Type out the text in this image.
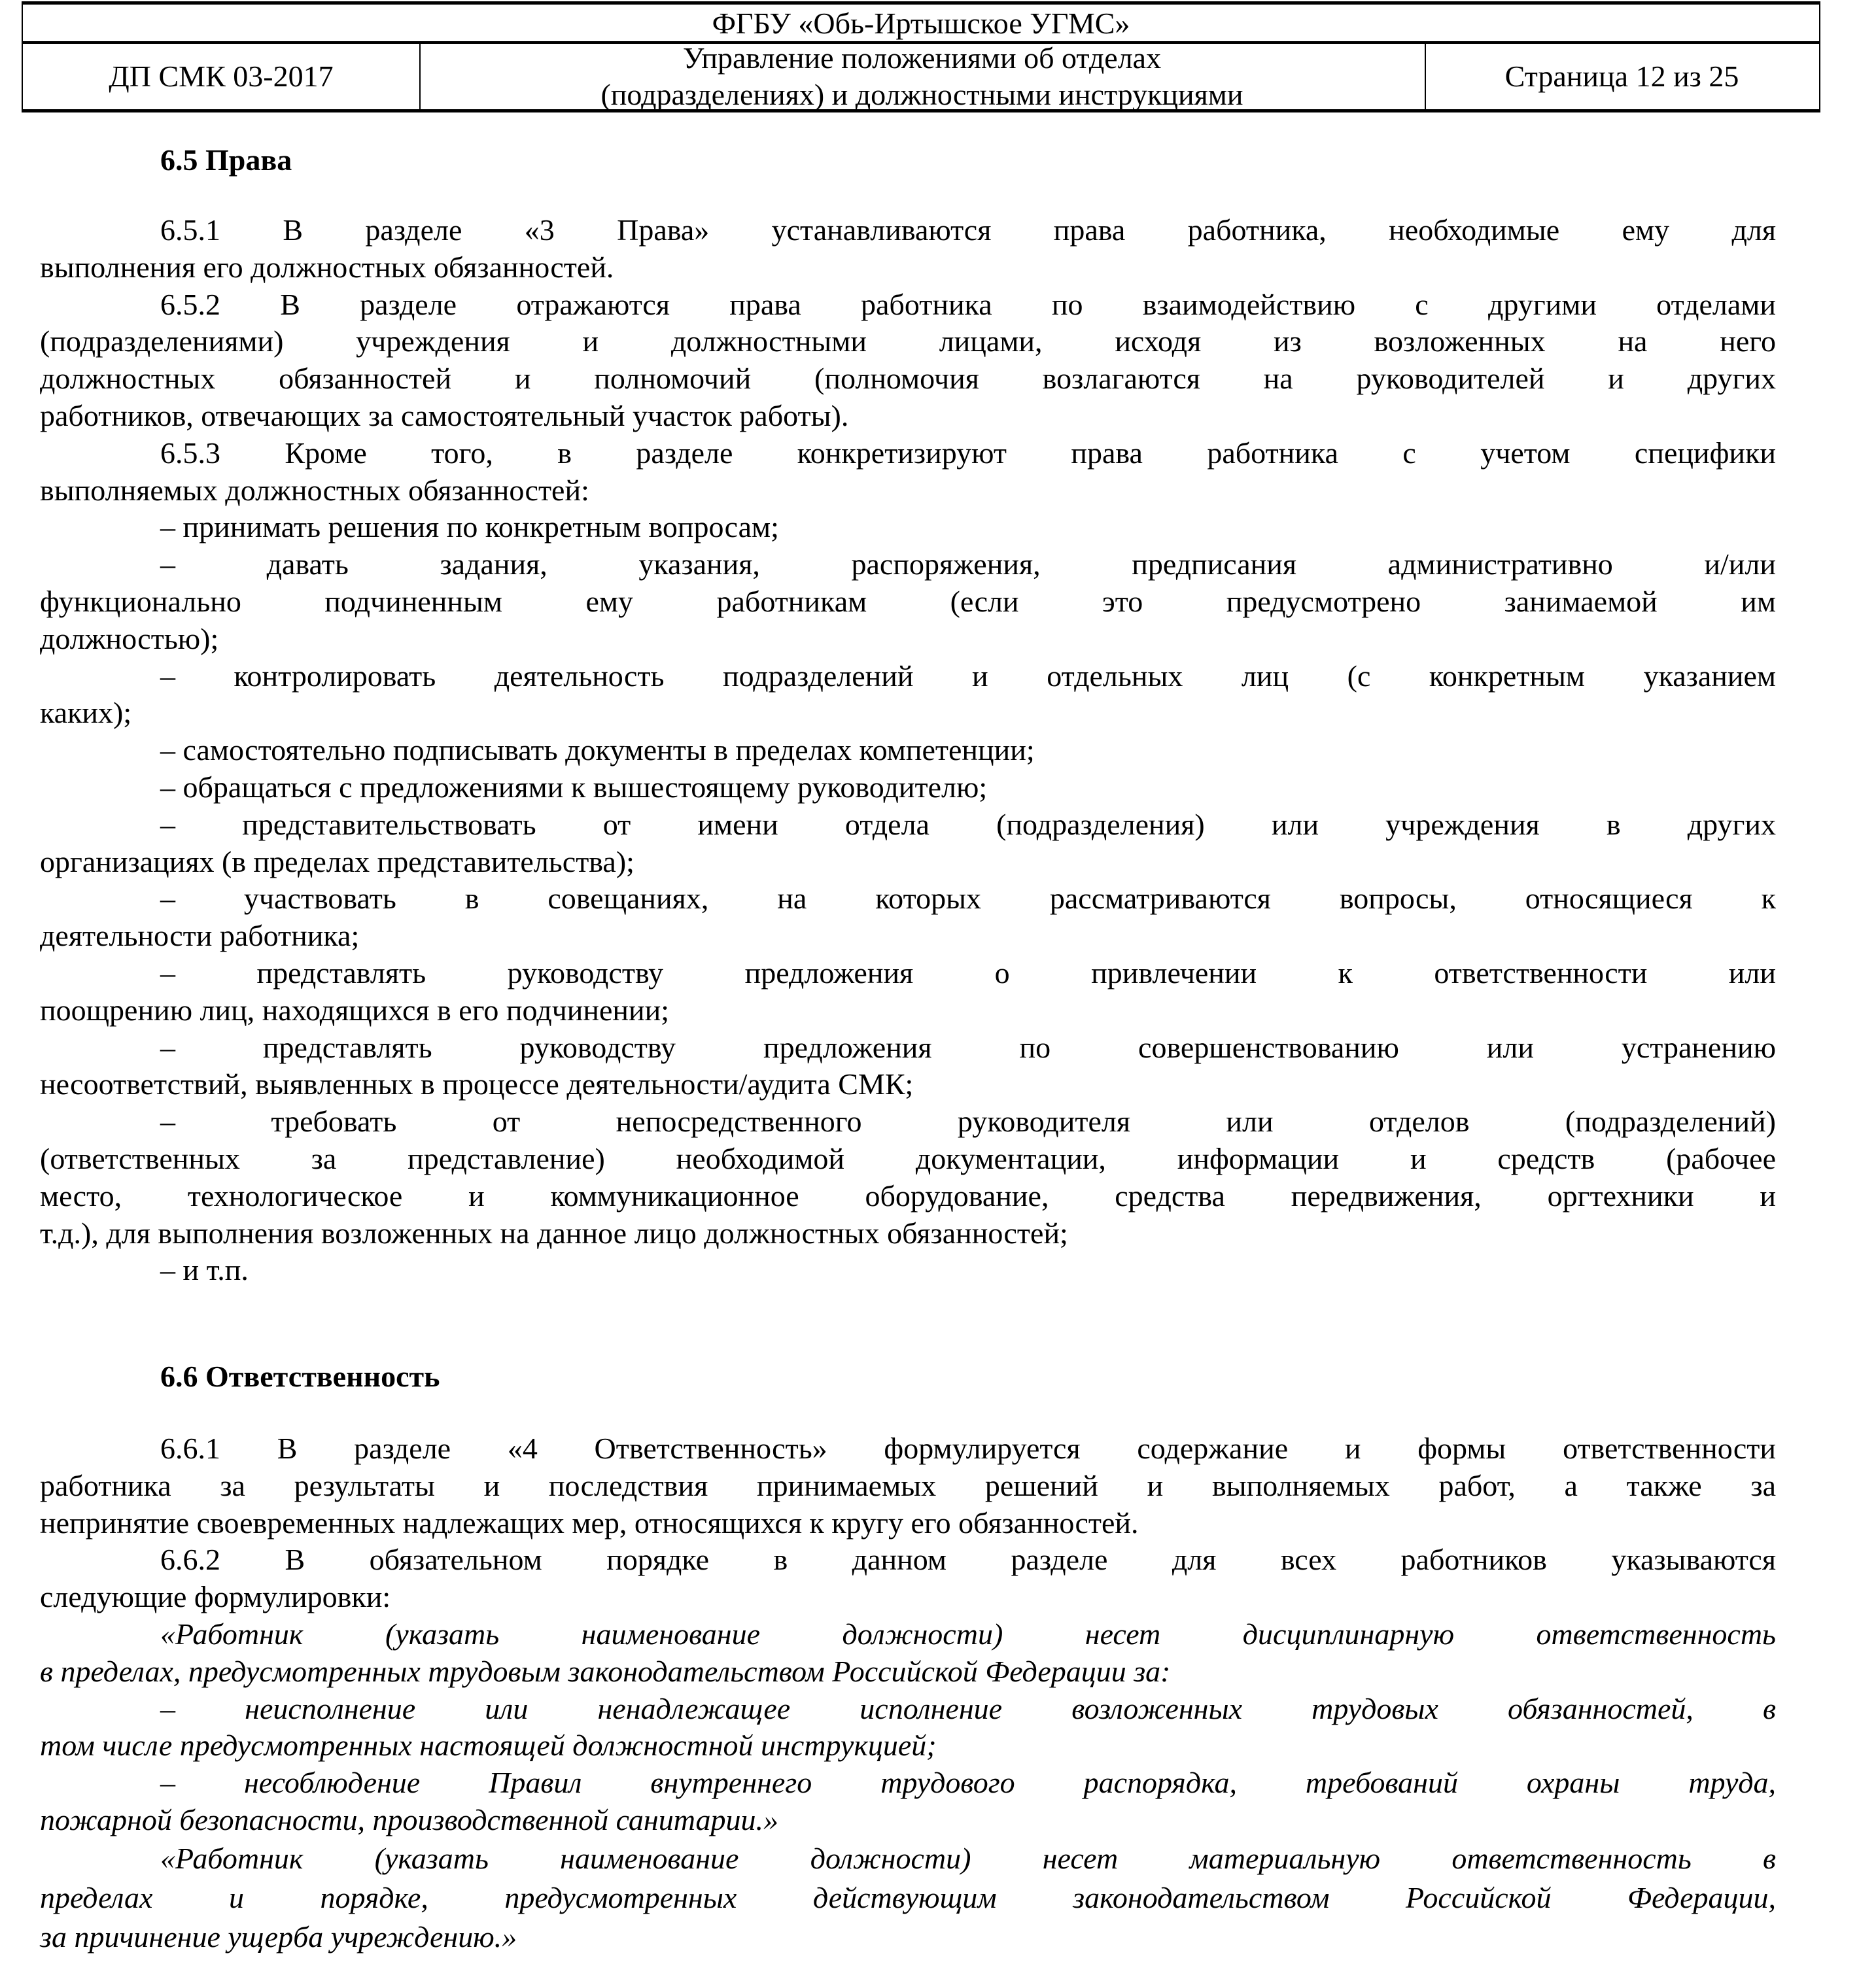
ФГБУ «Обь-Иртышское УГМС»
ДП СМК 03-2017
Управление положениями об отделах
(подразделениях) и должностными инструкциями
Страница 12 из 25
6.5 Права
6.5.1 В разделе «3 Права» устанавливаются права работника, необходимые ему для
выполнения его должностных обязанностей.
6.5.2 В разделе отражаются права работника по взаимодействию с другими отделами
(подразделениями) учреждения и должностными лицами, исходя из возложенных на него
должностных обязанностей и полномочий (полномочия возлагаются на руководителей и других
работников, отвечающих за самостоятельный участок работы).
6.5.3 Кроме того, в разделе конкретизируют права работника с учетом специфики
выполняемых должностных обязанностей:
– принимать решения по конкретным вопросам;
– давать задания, указания, распоряжения, предписания административно и/или
функционально подчиненным ему работникам (если это предусмотрено занимаемой им
должностью);
– контролировать деятельность подразделений и отдельных лиц (с конкретным указанием
каких);
– самостоятельно подписывать документы в пределах компетенции;
– обращаться с предложениями к вышестоящему руководителю;
– представительствовать от имени отдела (подразделения) или учреждения в других
организациях (в пределах представительства);
– участвовать в совещаниях, на которых рассматриваются вопросы, относящиеся к
деятельности работника;
– представлять руководству предложения о привлечении к ответственности или
поощрению лиц, находящихся в его подчинении;
– представлять руководству предложения по совершенствованию или устранению
несоответствий, выявленных в процессе деятельности/аудита СМК;
– требовать от непосредственного руководителя или отделов (подразделений)
(ответственных за представление) необходимой документации, информации и средств (рабочее
место, технологическое и коммуникационное оборудование, средства передвижения, оргтехники и
т.д.), для выполнения возложенных на данное лицо должностных обязанностей;
– и т.п.
6.6 Ответственность
6.6.1 В разделе «4 Ответственность» формулируется содержание и формы ответственности
работника за результаты и последствия принимаемых решений и выполняемых работ, а также за
непринятие своевременных надлежащих мер, относящихся к кругу его обязанностей.
6.6.2 В обязательном порядке в данном разделе для всех работников указываются
следующие формулировки:
«Работник (указать наименование должности) несет дисциплинарную ответственность
в пределах, предусмотренных трудовым законодательством Российской Федерации за:
– неисполнение или ненадлежащее исполнение возложенных трудовых обязанностей, в
том числе предусмотренных настоящей должностной инструкцией;
– несоблюдение Правил внутреннего трудового распорядка, требований охраны труда,
пожарной безопасности, производственной санитарии.»
«Работник (указать наименование должности) несет материальную ответственность в
пределах и порядке, предусмотренных действующим законодательством Российской Федерации,
за причинение ущерба учреждению.»
